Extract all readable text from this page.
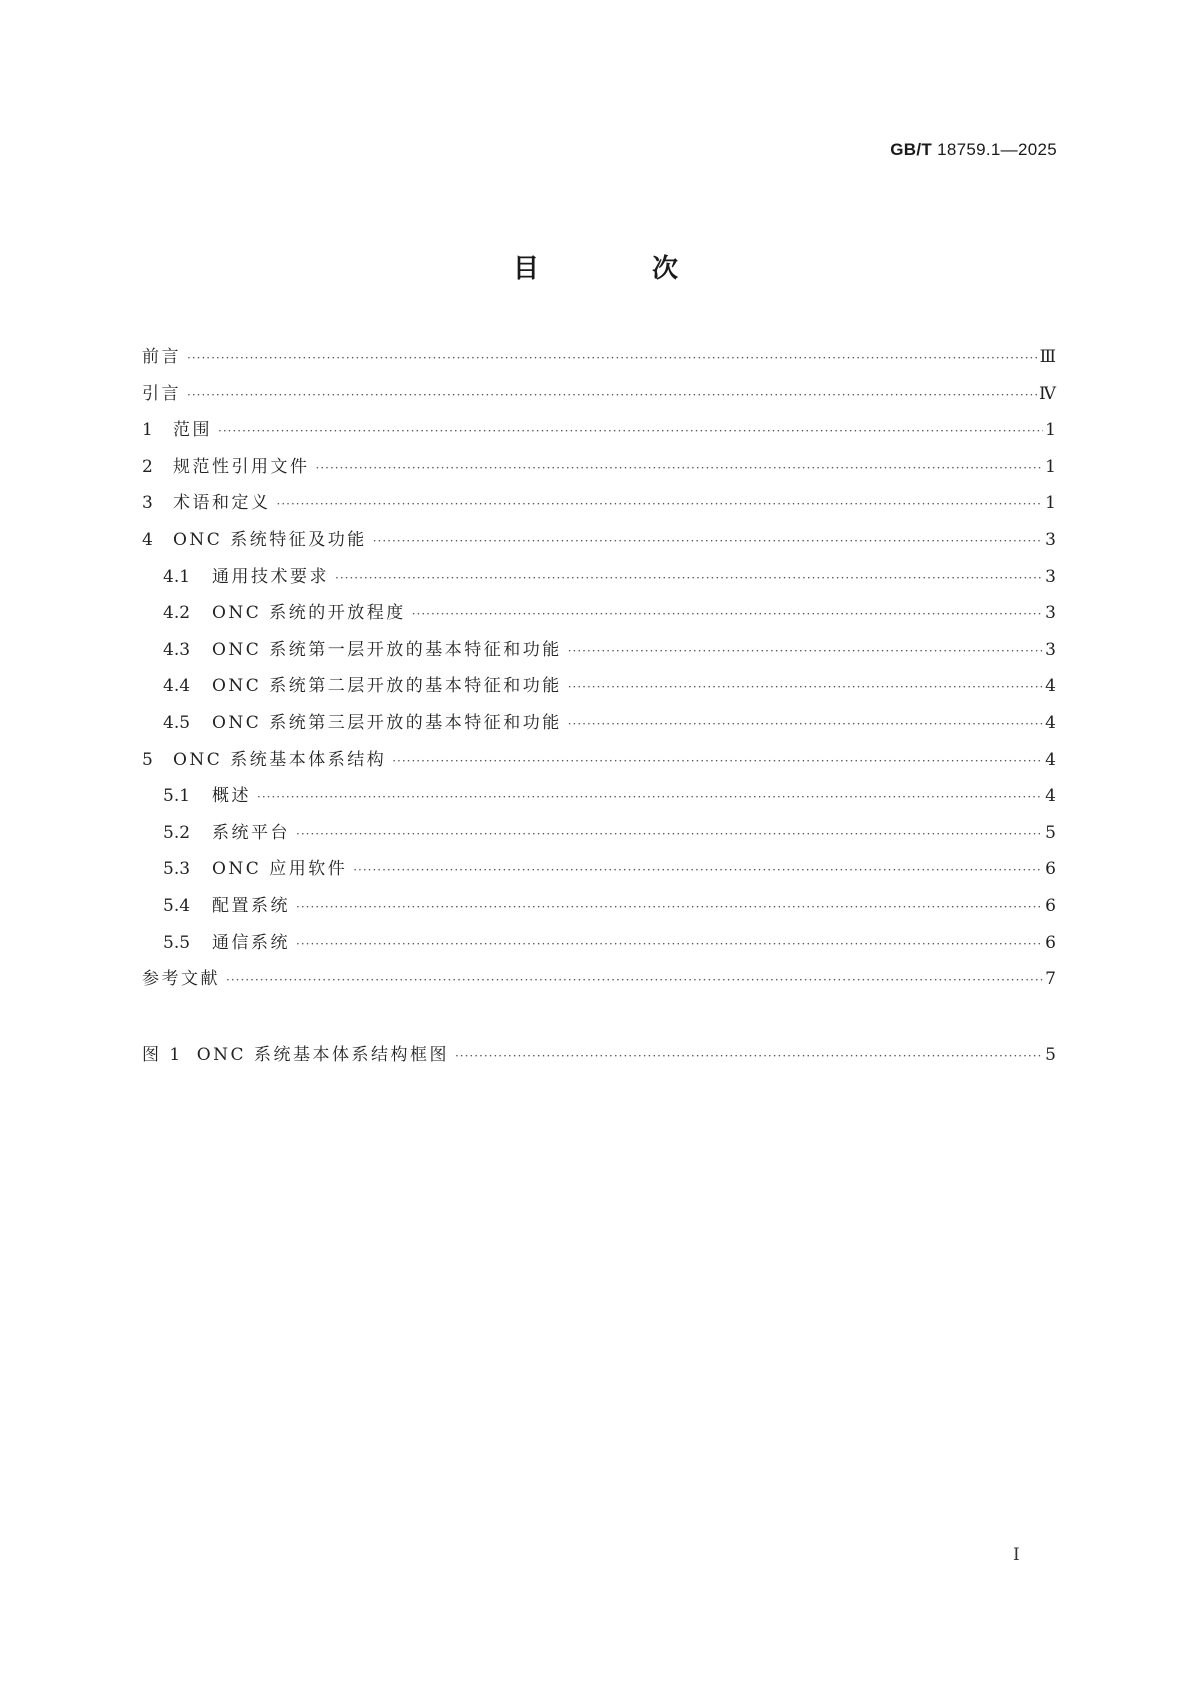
GB/T 18759.1—2025
目 次
前言 ·····	Ⅲ
引言 ·····	Ⅳ
1	范围 ·····	1
2	规范性引用文件 ·····	1
3	术语和定义 ·····	1
4	ONC 系统特征及功能 ·····	3
4.1	通用技术要求 ·····	3
4.2	ONC 系统的开放程度 ·····	3
4.3	ONC 系统第一层开放的基本特征和功能 ·····	3
4.4	ONC 系统第二层开放的基本特征和功能 ·····	4
4.5	ONC 系统第三层开放的基本特征和功能 ·····	4
5	ONC 系统基本体系结构 ·····	4
5.1	概述 ·····	4
5.2	系统平台 ·····	5
5.3	ONC 应用软件 ·····	6
5.4	配置系统 ·····	6
5.5	通信系统 ·····	6
参考文献 ·····	7
图 1 ONC 系统基本体系结构框图 ·····	5
I
